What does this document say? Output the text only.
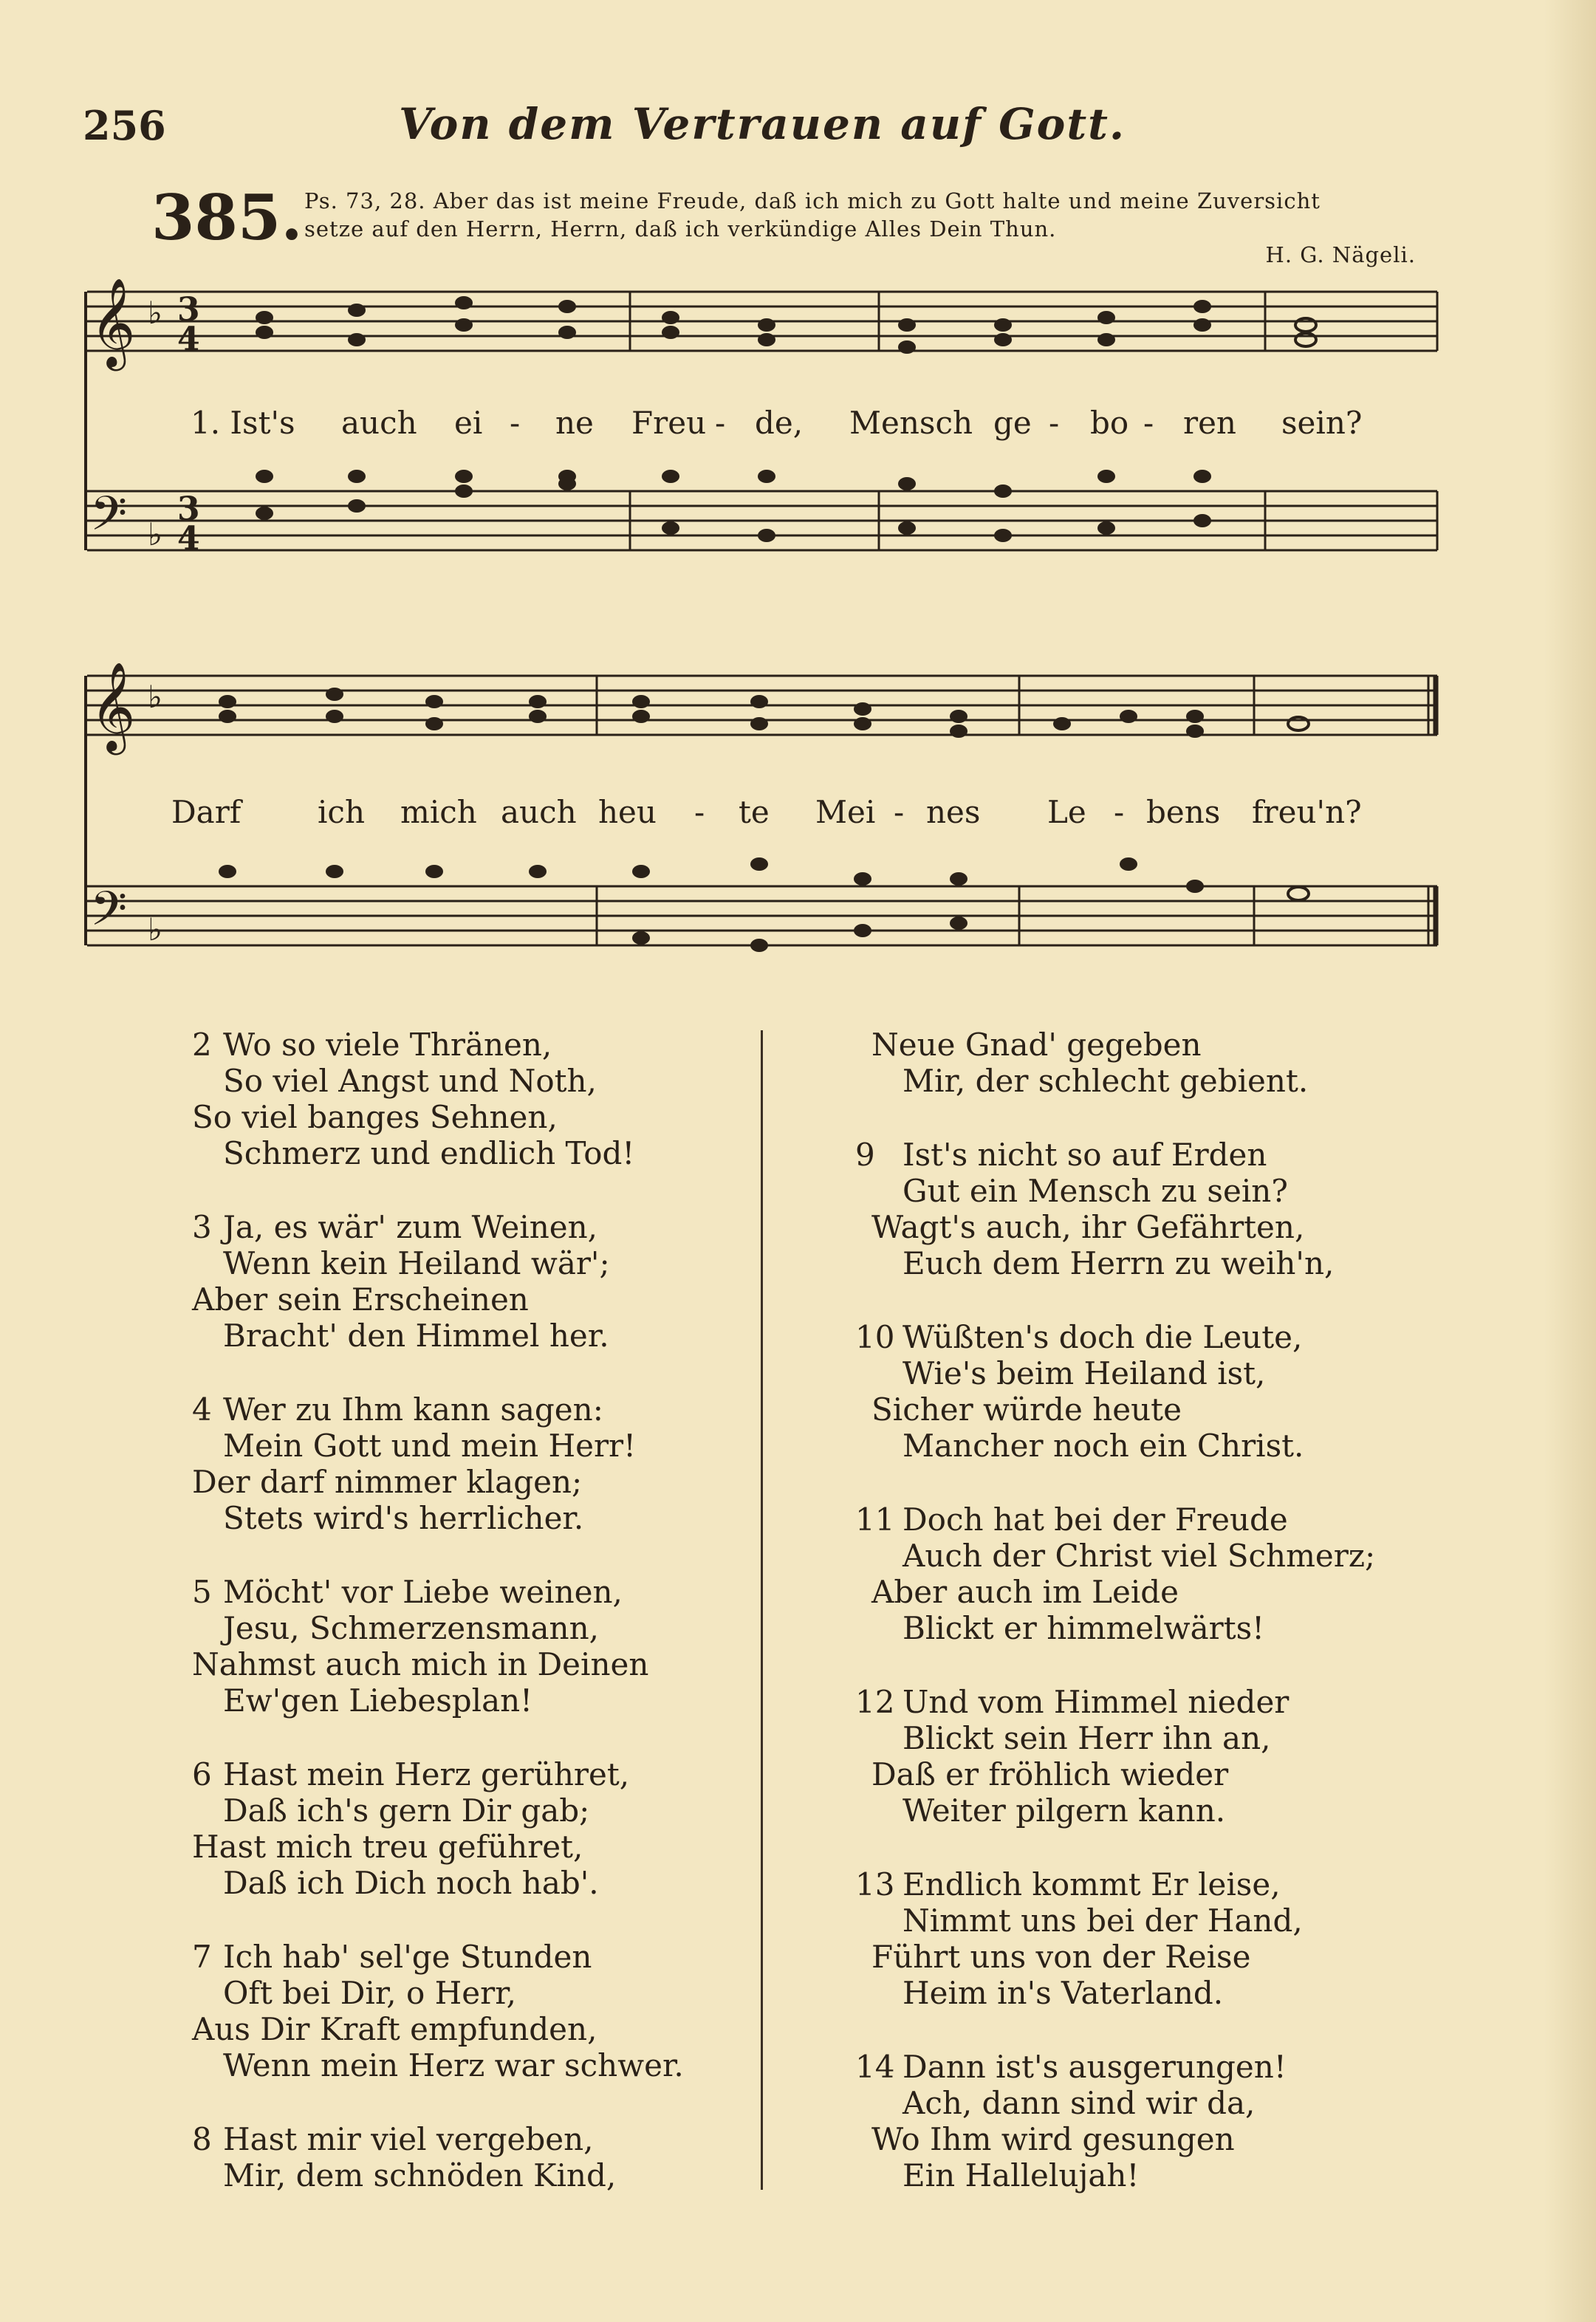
256	Von dem Vertrauen auf Gott.
385. Ps. 73, 28. Aber das ist meine Freude, daß ich mich zu Gott halte und meine Zuversicht
setze auf den Herrn, Herrn, daß ich verkündige Alles Dein Thun.
H. G. Nägeli.
𝄞
𝄢
𝄞
𝄢
♭
♭
♭
♭
3
4
3
4
1. Ist's auch ei - ne Freu - de, Mensch ge - bo - ren sein?
Darf ich mich auch heu - te Mei - nes Le - bens freu'n?
2 Wo so viele Thränen,
So viel Angst und Noth,
So viel banges Sehnen,
Schmerz und endlich Tod!
3 Ja, es wär' zum Weinen,
Wenn kein Heiland wär';
Aber sein Erscheinen
Bracht' den Himmel her.
4 Wer zu Ihm kann sagen:
Mein Gott und mein Herr!
Der darf nimmer klagen;
Stets wird's herrlicher.
5 Möcht' vor Liebe weinen,
Jesu, Schmerzensmann,
Nahmst auch mich in Deinen
Ew'gen Liebesplan!
6 Hast mein Herz gerühret,
Daß ich's gern Dir gab;
Hast mich treu geführet,
Daß ich Dich noch hab'.
7 Ich hab' sel'ge Stunden
Oft bei Dir, o Herr,
Aus Dir Kraft empfunden,
Wenn mein Herz war schwer.
8 Hast mir viel vergeben,
Mir, dem schnöden Kind,
Neue Gnad' gegeben
Mir, der schlecht gebient.
9 Ist's nicht so auf Erden
Gut ein Mensch zu sein?
Wagt's auch, ihr Gefährten,
Euch dem Herrn zu weih'n,
10 Wüßten's doch die Leute,
Wie's beim Heiland ist,
Sicher würde heute
Mancher noch ein Christ.
11 Doch hat bei der Freude
Auch der Christ viel Schmerz;
Aber auch im Leide
Blickt er himmelwärts!
12 Und vom Himmel nieder
Blickt sein Herr ihn an,
Daß er fröhlich wieder
Weiter pilgern kann.
13 Endlich kommt Er leise,
Nimmt uns bei der Hand,
Führt uns von der Reise
Heim in's Vaterland.
14 Dann ist's ausgerungen!
Ach, dann sind wir da,
Wo Ihm wird gesungen
Ein Hallelujah!
